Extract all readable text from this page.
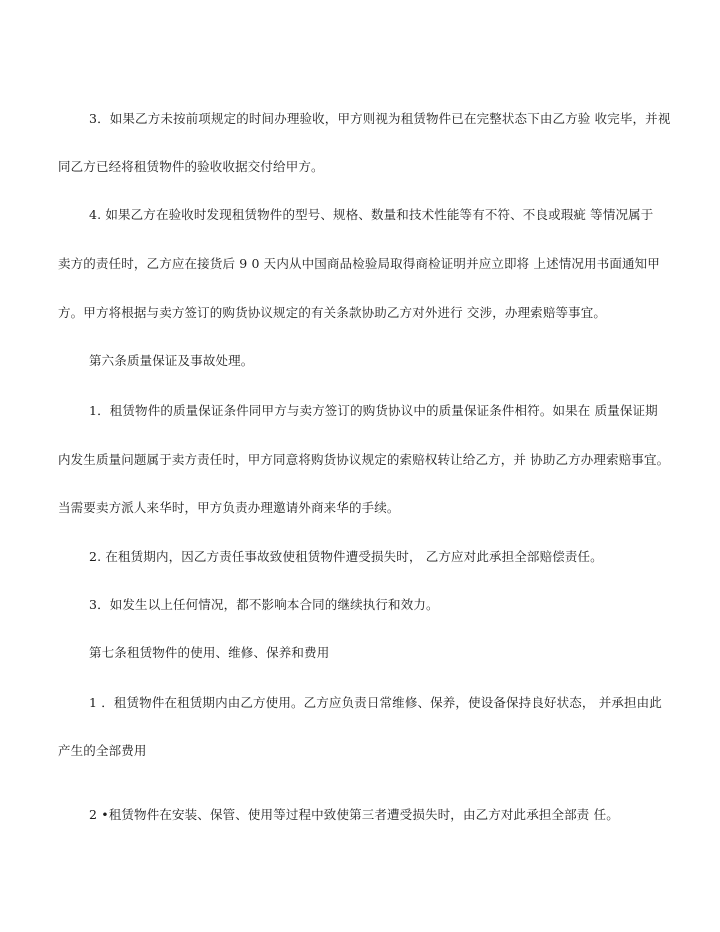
3．如果乙方未按前项规定的时间办理验收，甲方则视为租赁物件已在完整状态下由乙方验 收完毕，并视
同乙方已经将租赁物件的验收收据交付给甲方。
4. 如果乙方在验收时发现租赁物件的型号、规格、数量和技术性能等有不符、不良或瑕疵 等情况属于
卖方的责任时，乙方应在接货后 9 0 天内从中国商品检验局取得商检证明并应立即将 上述情况用书面通知甲
方。甲方将根据与卖方签订的购货协议规定的有关条款协助乙方对外进行 交涉，办理索赔等事宜。
第六条质量保证及事故处理。
1．租赁物件的质量保证条件同甲方与卖方签订的购货协议中的质量保证条件相符。如果在 质量保证期
内发生质量问题属于卖方责任时，甲方同意将购货协议规定的索赔权转让给乙方，并 协助乙方办理索赔事宜。
当需要卖方派人来华时，甲方负责办理邀请外商来华的手续。
2. 在租赁期内，因乙方责任事故致使租赁物件遭受损失时， 乙方应对此承担全部赔偿责任。
3．如发生以上任何情况，都不影响本合同的继续执行和效力。
第七条租赁物件的使用、维修、保养和费用
1 ．租赁物件在租赁期内由乙方使用。乙方应负责日常维修、保养，使设备保持良好状态， 并承担由此
产生的全部费用
2 •租赁物件在安装、保管、使用等过程中致使第三者遭受损失时，由乙方对此承担全部责 任。
